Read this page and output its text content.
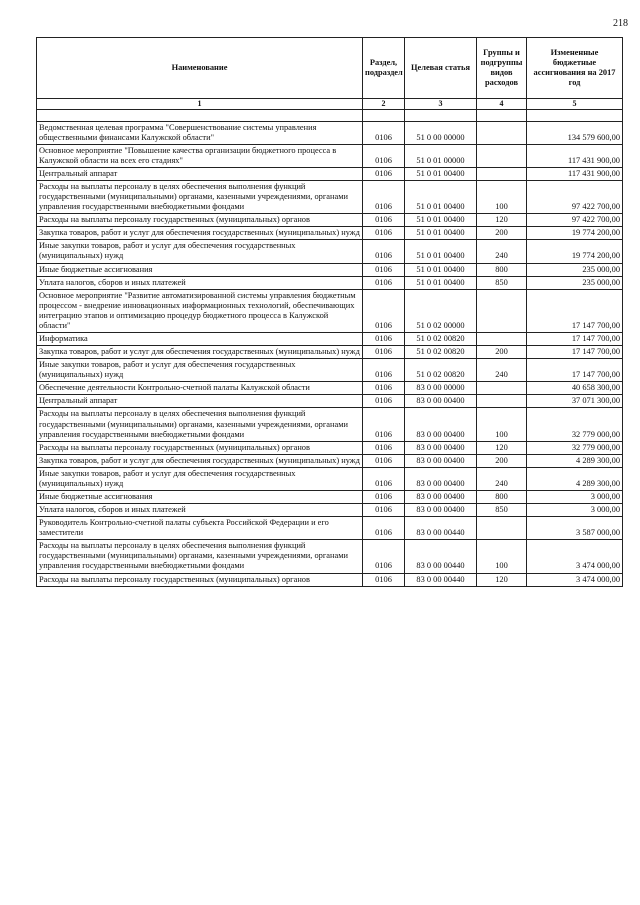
218
Наименование	Раздел, подраздел	Целевая статья	Группы и подгруппы видов расходов	Измененные бюджетные ассигнования на 2017 год
1	2	3	4	5

Ведомственная целевая программа "Совершенствование системы управления общественными финансами Калужской области"	0106	51 0 00 00000		134 579 600,00
Основное мероприятие "Повышение качества организации бюджетного процесса в Калужской области на всех его стадиях"	0106	51 0 01 00000		117 431 900,00
Центральный аппарат	0106	51 0 01 00400		117 431 900,00
Расходы на выплаты персоналу в целях обеспечения выполнения функций государственными (муниципальными) органами, казенными учреждениями, органами управления государственными внебюджетными фондами	0106	51 0 01 00400	100	97 422 700,00
Расходы на выплаты персоналу государственных (муниципальных) органов	0106	51 0 01 00400	120	97 422 700,00
Закупка товаров, работ и услуг для обеспечения государственных (муниципальных) нужд	0106	51 0 01 00400	200	19 774 200,00
Иные закупки товаров, работ и услуг для обеспечения государственных (муниципальных) нужд	0106	51 0 01 00400	240	19 774 200,00
Иные бюджетные ассигнования	0106	51 0 01 00400	800	235 000,00
Уплата налогов, сборов и иных платежей	0106	51 0 01 00400	850	235 000,00
Основное мероприятие "Развитие автоматизированной системы управления бюджетным процессом - внедрение инновационных информационных технологий, обеспечивающих интеграцию этапов и оптимизацию процедур бюджетного процесса в Калужской области"	0106	51 0 02 00000		17 147 700,00
Информатика	0106	51 0 02 00820		17 147 700,00
Закупка товаров, работ и услуг для обеспечения государственных (муниципальных) нужд	0106	51 0 02 00820	200	17 147 700,00
Иные закупки товаров, работ и услуг для обеспечения государственных (муниципальных) нужд	0106	51 0 02 00820	240	17 147 700,00
Обеспечение деятельности Контрольно-счетной палаты Калужской области	0106	83 0 00 00000		40 658 300,00
Центральный аппарат	0106	83 0 00 00400		37 071 300,00
Расходы на выплаты персоналу в целях обеспечения выполнения функций государственными (муниципальными) органами, казенными учреждениями, органами управления государственными внебюджетными фондами	0106	83 0 00 00400	100	32 779 000,00
Расходы на выплаты персоналу государственных (муниципальных) органов	0106	83 0 00 00400	120	32 779 000,00
Закупка товаров, работ и услуг для обеспечения государственных (муниципальных) нужд	0106	83 0 00 00400	200	4 289 300,00
Иные закупки товаров, работ и услуг для обеспечения государственных (муниципальных) нужд	0106	83 0 00 00400	240	4 289 300,00
Иные бюджетные ассигнования	0106	83 0 00 00400	800	3 000,00
Уплата налогов, сборов и иных платежей	0106	83 0 00 00400	850	3 000,00
Руководитель Контрольно-счетной палаты субъекта Российской Федерации и его заместители	0106	83 0 00 00440		3 587 000,00
Расходы на выплаты персоналу в целях обеспечения выполнения функций государственными (муниципальными) органами, казенными учреждениями, органами управления государственными внебюджетными фондами	0106	83 0 00 00440	100	3 474 000,00
Расходы на выплаты персоналу государственных (муниципальных) органов	0106	83 0 00 00440	120	3 474 000,00
